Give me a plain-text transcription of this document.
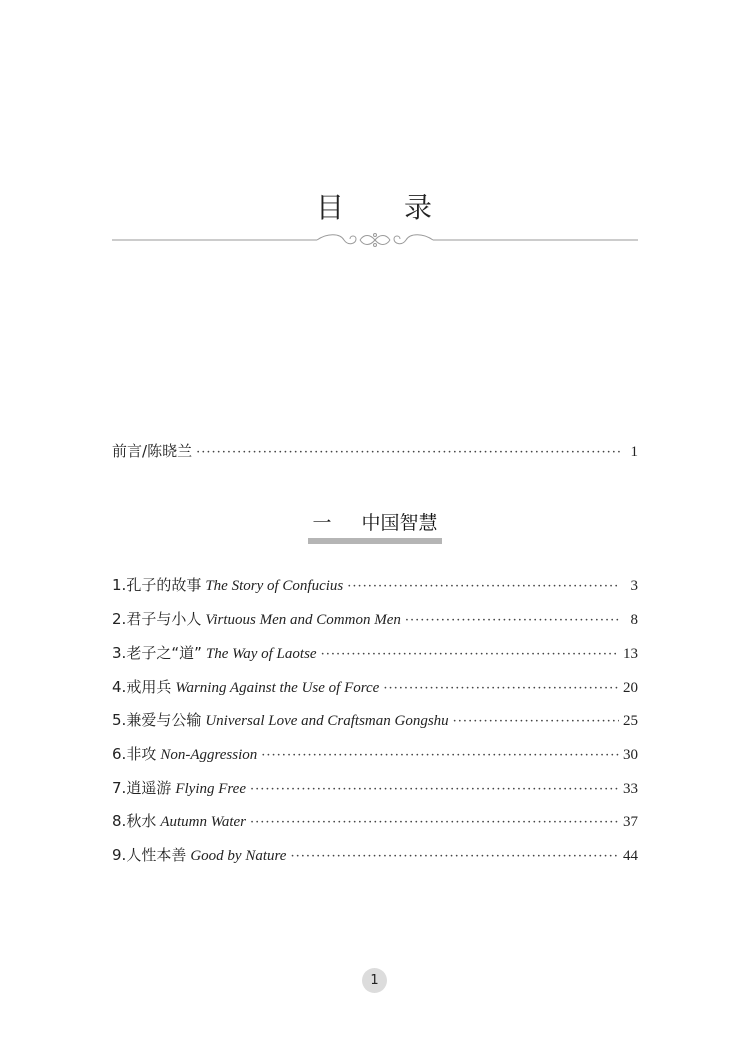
目 录
前言 /陈晓兰 ·····	1
一 中国智慧
1. 孔子的故事 The Story of Confucius ·····	3
2. 君子与小人 Virtuous Men and Common Men ·····	8
3. 老子之“道” The Way of Laotse ·····	13
4. 戒用兵 Warning Against the Use of Force ·····	20
5. 兼爱与公输 Universal Love and Craftsman Gongshu ·····	25
6. 非攻 Non-Aggression ·····	30
7. 逍遥游 Flying Free ·····	33
8. 秋水 Autumn Water ·····	37
9. 人性本善 Good by Nature ·····	44
1
